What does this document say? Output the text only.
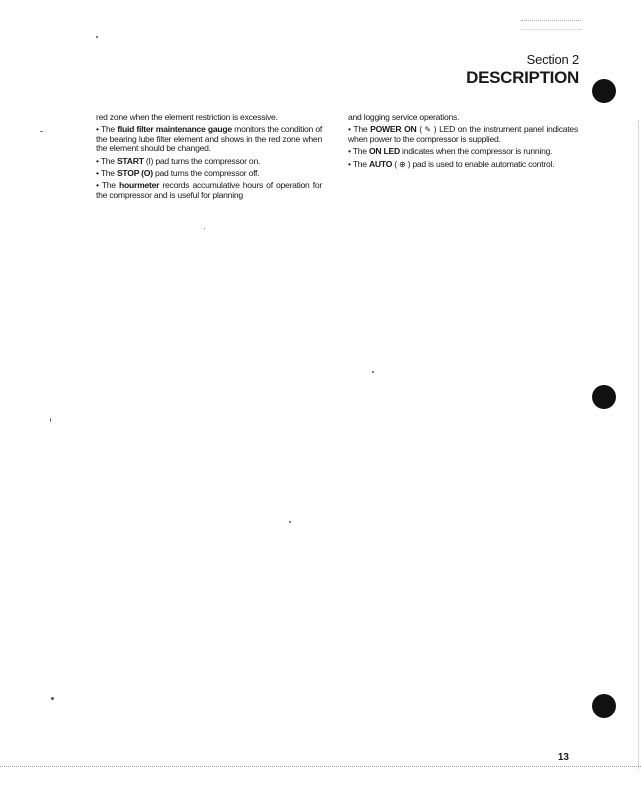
Section 2
DESCRIPTION

red zone when the element restriction is excessive.

• The fluid filter maintenance gauge monitors the condition of the bearing lube filter element and shows in the red zone when the element should be changed.

• The START (I) pad turns the compressor on.

• The STOP (O) pad turns the compressor off.

• The hourmeter records accumulative hours of operation for the compressor and is useful for planning

and logging service operations.

• The POWER ON ( ✎ ) LED on the instrument panel indicates when power to the compressor is supplied.

• The ON LED indicates when the compressor is running.

• The AUTO ( ⊕ ) pad is used to enable automatic control.

13
